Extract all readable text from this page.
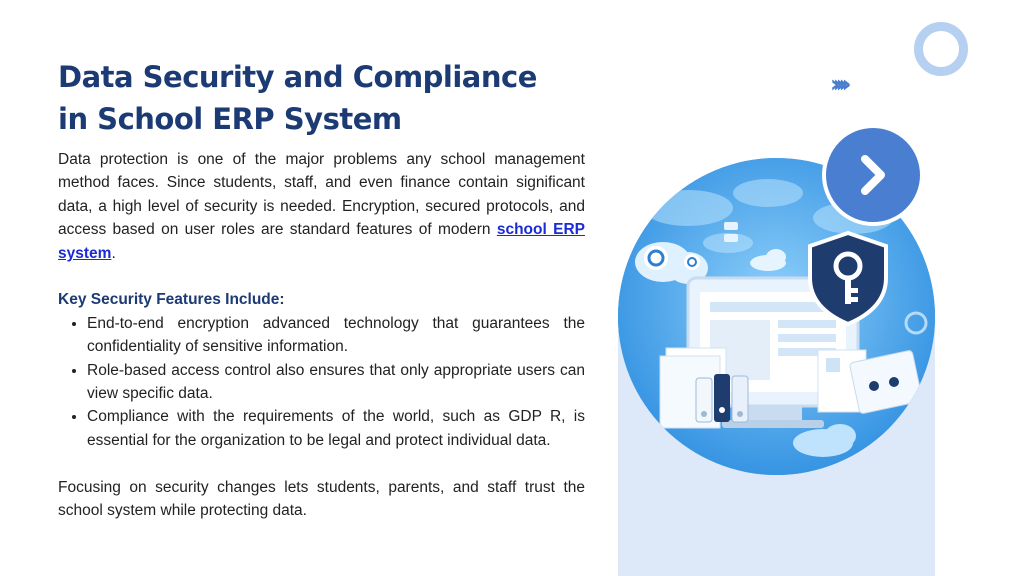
Data Security and Compliance
in School ERP System

Data protection is one of the major problems any school management method faces. Since students, staff, and even finance contain significant data, a high level of security is needed. Encryption, secured protocols, and access based on user roles are standard features of modern school ERP system.

Key Security Features Include:

• End-to-end encryption advanced technology that guarantees the confidentiality of sensitive information.
• Role-based access control also ensures that only appropriate users can view specific data.
• Compliance with the requirements of the world, such as GDP R, is essential for the organization to be legal and protect individual data.

Focusing on security changes lets students, parents, and staff trust the school system while protecting data.

›››››
